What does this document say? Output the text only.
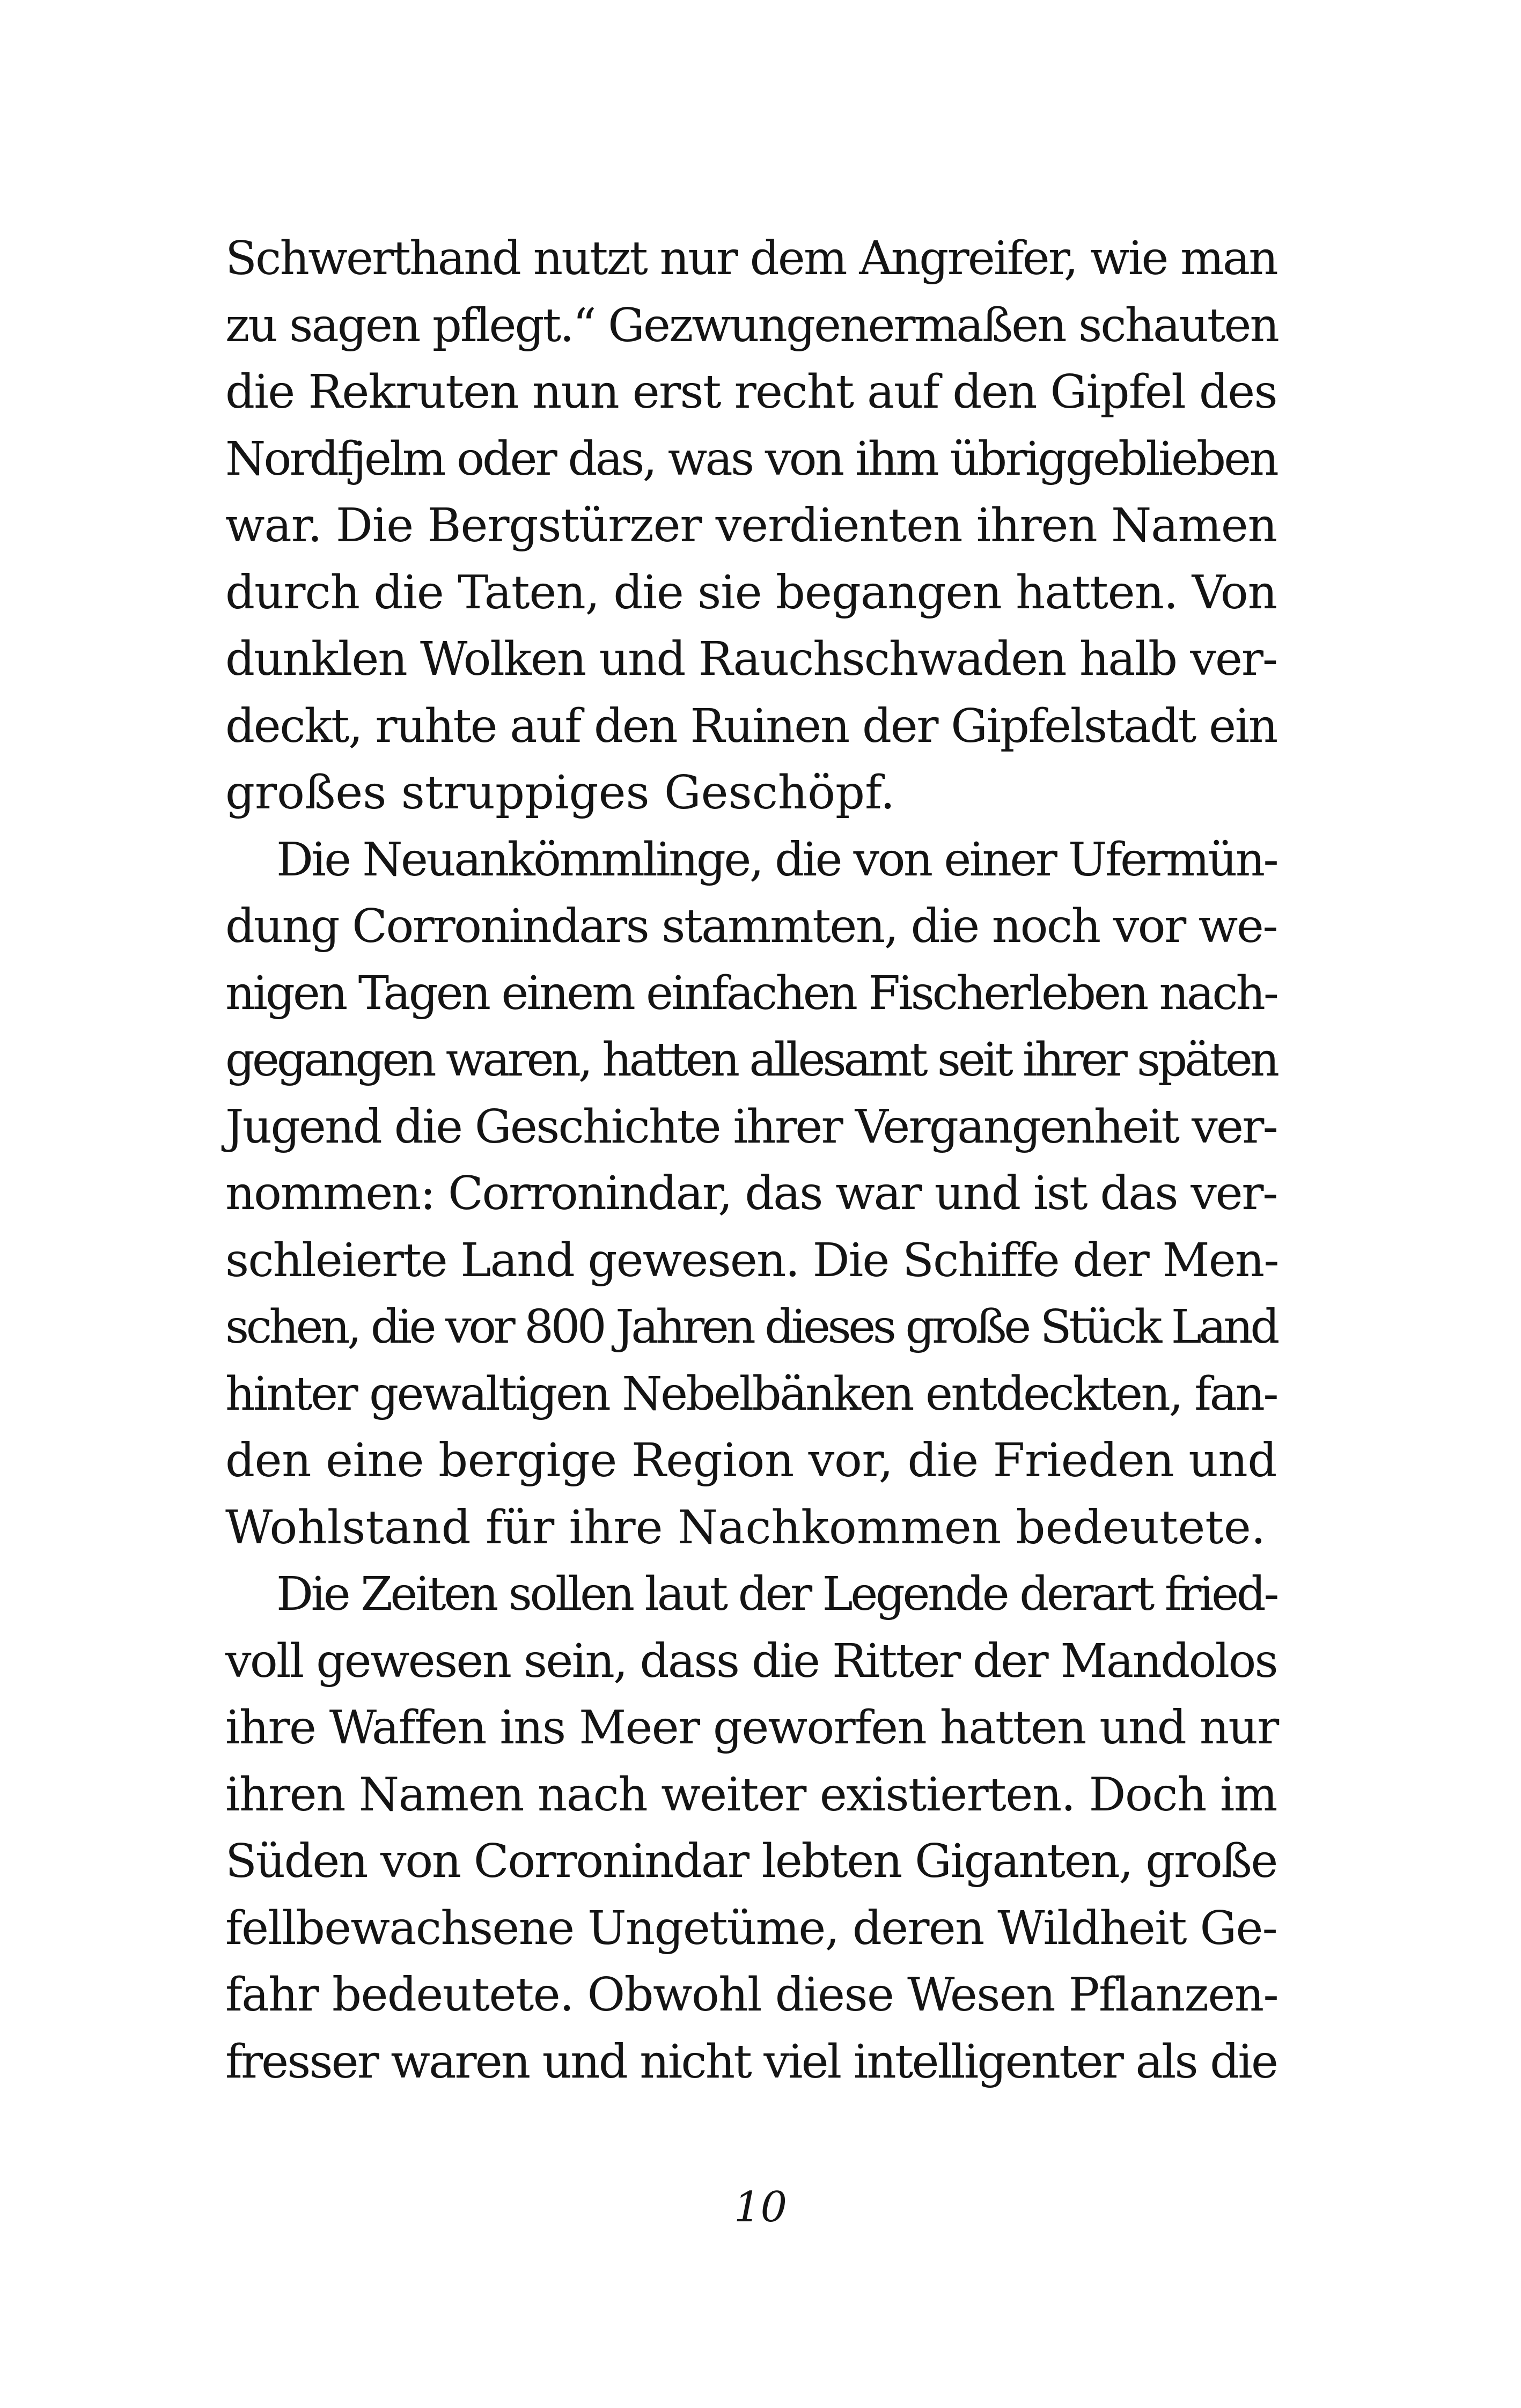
Schwerthand nutzt nur dem Angreifer, wie man
zu sagen pflegt.“ Gezwungenermaßen schauten
die Rekruten nun erst recht auf den Gipfel des
Nordfjelm oder das, was von ihm übriggeblieben
war. Die Bergstürzer verdienten ihren Namen
durch die Taten, die sie begangen hatten. Von
dunklen Wolken und Rauchschwaden halb ver-
deckt, ruhte auf den Ruinen der Gipfelstadt ein
großes struppiges Geschöpf.

Die Neuankömmlinge, die von einer Ufermün-
dung Corronindars stammten, die noch vor we-
nigen Tagen einem einfachen Fischerleben nach-
gegangen waren, hatten allesamt seit ihrer späten
Jugend die Geschichte ihrer Vergangenheit ver-
nommen: Corronindar, das war und ist das ver-
schleierte Land gewesen. Die Schiffe der Men-
schen, die vor 800 Jahren dieses große Stück Land
hinter gewaltigen Nebelbänken entdeckten, fan-
den eine bergige Region vor, die Frieden und
Wohlstand für ihre Nachkommen bedeutete.

Die Zeiten sollen laut der Legende derart fried-
voll gewesen sein, dass die Ritter der Mandolos
ihre Waffen ins Meer geworfen hatten und nur
ihren Namen nach weiter existierten. Doch im
Süden von Corronindar lebten Giganten, große
fellbewachsene Ungetüme, deren Wildheit Ge-
fahr bedeutete. Obwohl diese Wesen Pflanzen-
fresser waren und nicht viel intelligenter als die

10
